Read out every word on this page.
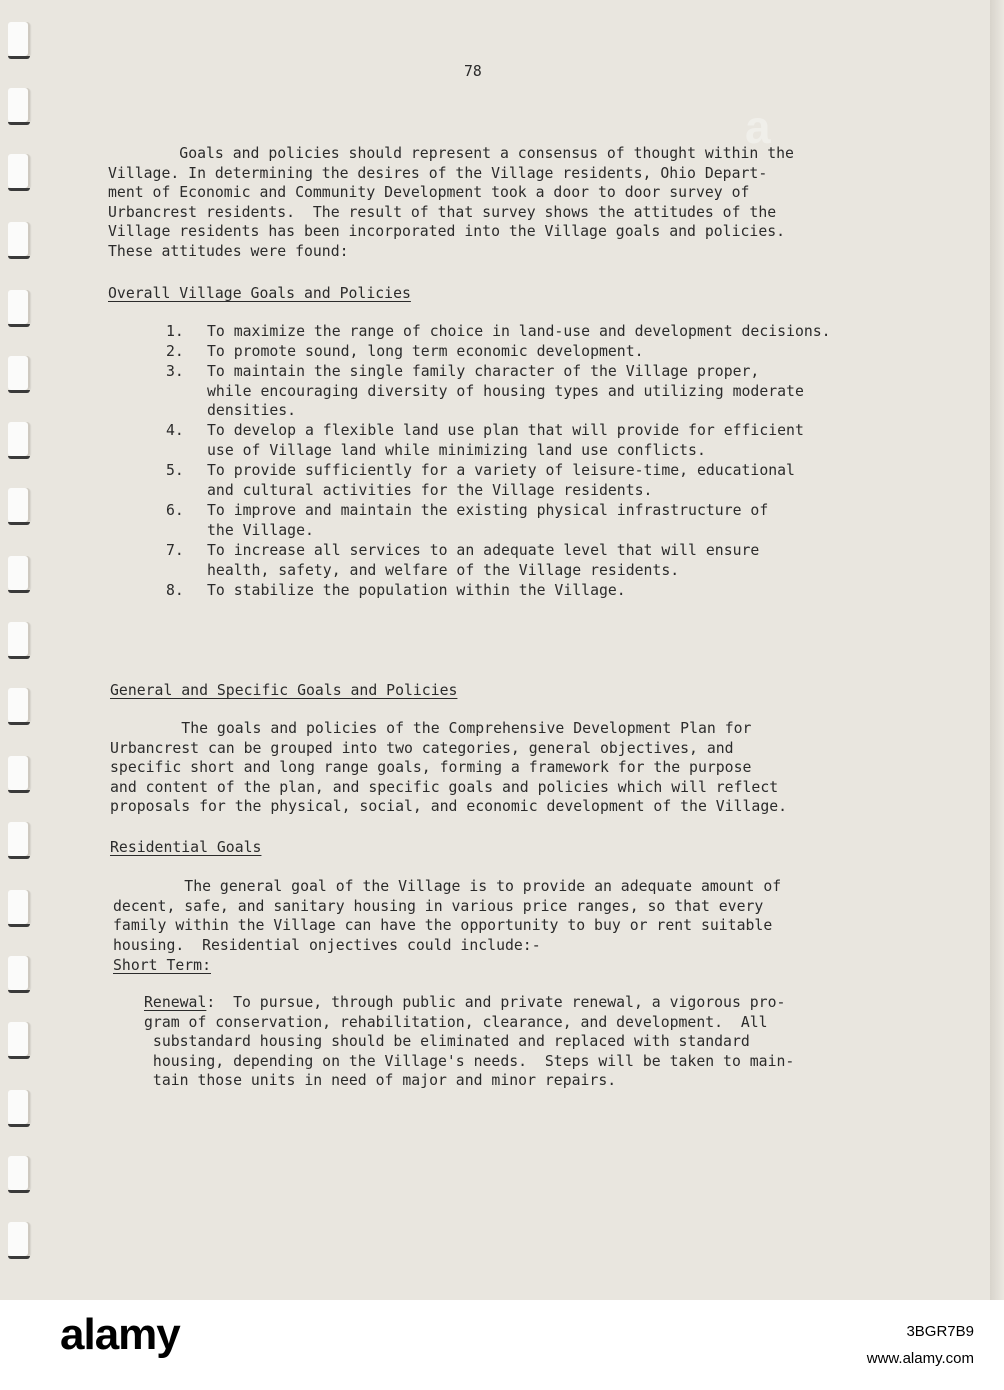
78

Goals and policies should represent a consensus of thought within the
Village. In determining the desires of the Village residents, Ohio Depart-
ment of Economic and Community Development took a door to door survey of
Urbancrest residents.  The result of that survey shows the attitudes of the
Village residents has been incorporated into the Village goals and policies.
These attitudes were found:

Overall Village Goals and Policies

1. To maximize the range of choice in land-use and development decisions.

2. To promote sound, long term economic development.

3. To maintain the single family character of the Village proper,
while encouraging diversity of housing types and utilizing moderate
densities.

4. To develop a flexible land use plan that will provide for efficient
use of Village land while minimizing land use conflicts.

5. To provide sufficiently for a variety of leisure-time, educational
and cultural activities for the Village residents.

6. To improve and maintain the existing physical infrastructure of
the Village.

7. To increase all services to an adequate level that will ensure
health, safety, and welfare of the Village residents.

8. To stabilize the population within the Village.

General and Specific Goals and Policies

The goals and policies of the Comprehensive Development Plan for
Urbancrest can be grouped into two categories, general objectives, and
specific short and long range goals, forming a framework for the purpose
and content of the plan, and specific goals and policies which will reflect
proposals for the physical, social, and economic development of the Village.

Residential Goals

The general goal of the Village is to provide an adequate amount of
decent, safe, and sanitary housing in various price ranges, so that every
family within the Village can have the opportunity to buy or rent suitable
housing.  Residential onjectives could include:-

Short Term:

Renewal:  To pursue, through public and private renewal, a vigorous pro-
gram of conservation, rehabilitation, clearance, and development.  All
substandard housing should be eliminated and replaced with standard
housing, depending on the Village's needs.  Steps will be taken to main-
tain those units in need of major and minor repairs.

a
alamy	3BGR7B9
www.alamy.com
